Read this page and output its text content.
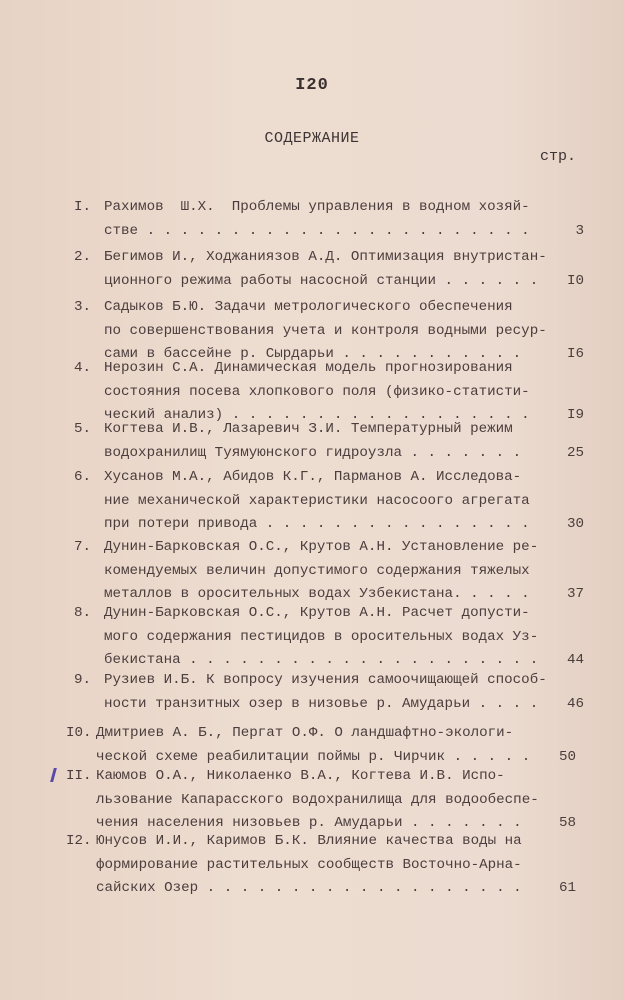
I20
СОДЕРЖАНИЕ
стр.
I. Рахимов  Ш.Х.  Проблемы управления в водном хозяй-
стве . . . . . . . . . . . . . . . . . . . . . . .	3
2. Бегимов И., Ходжаниязов А.Д. Оптимизация внутристан-
ционного режима работы насосной станции . . . . . . I0
3. Садыков Б.Ю. Задачи метрологического обеспечения
по совершенствования учета и контроля водными ресур-
сами в бассейне р. Сырдарьи . . . . . . . . . . .	I6
4. Нерозин С.А. Динамическая модель прогнозирования
состояния посева хлопкового поля (физико-статисти-
ческий анализ) . . . . . . . . . . . . . . . . . .	I9
5. Когтева И.В., Лазаревич З.И. Температурный режим
водохранилищ Туямуюнского гидроузла . . . . . . .	25
6. Хусанов М.А., Абидов К.Г., Парманов А. Исследова-
ние механической характеристики насосоого агрегата
при потери привода . . . . . . . . . . . . . . . .	30
7. Дунин-Барковская О.С., Крутов А.Н. Установление ре-
комендуемых величин допустимого содержания тяжелых
металлов в оросительных водах Узбекистана. . . . .	37
8. Дунин-Барковская О.С., Крутов А.Н. Расчет допусти-
мого содержания пестицидов в оросительных водах Уз-
бекистана . . . . . . . . . . . . . . . . . . . . . 44
9. Рузиев И.Б. К вопросу изучения самоочищающей способ-
ности транзитных озер в низовье р. Амударьи . . . . 46
I0. Дмитриев А. Б., Пергат О.Ф. О ландшафтно-экологи-
ческой схеме реабилитации поймы р. Чирчик . . . . . 50
II. Каюмов О.А., Николаенко В.А., Когтева И.В. Испо-
льзование Капарасского водохранилища для водообеспе-
чения населения низовьев р. Амударьи . . . . . . .	58
I2. Юнусов И.И., Каримов Б.К. Влияние качества воды на
формирование растительных сообществ Восточно-Арна-
сайских Озер . . . . . . . . . . . . . . . . . . .	61
